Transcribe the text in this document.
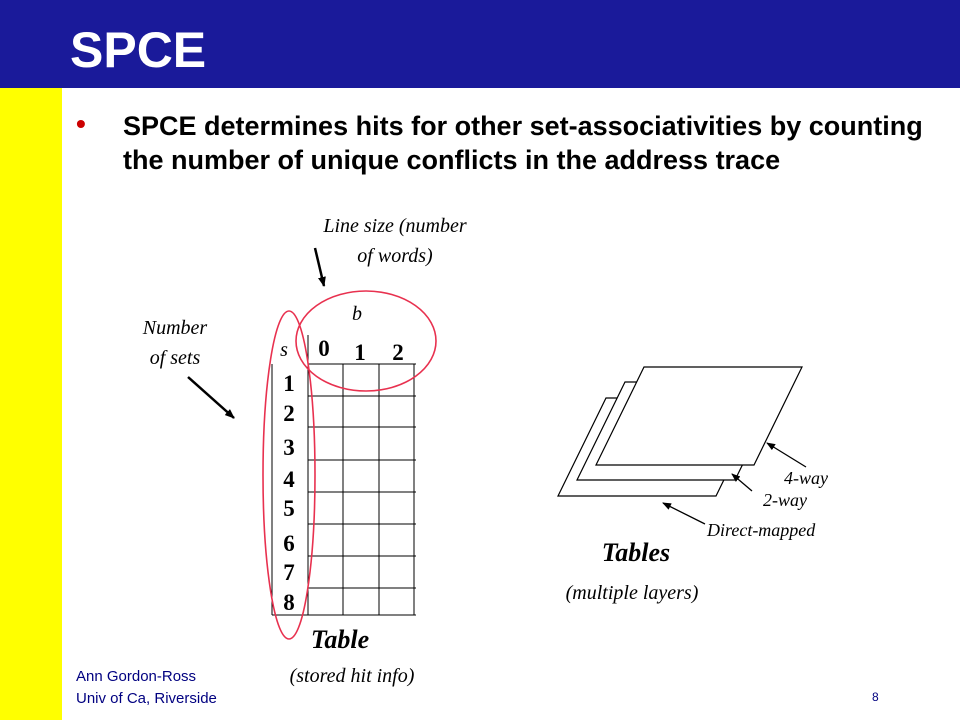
SPCE
• SPCE determines hits for other set-associativities by counting the number of unique conflicts in the address trace
Line size (number
of words)
Number
of sets
b
s 0 1 2
1
2
3
4
5
6
7
8
Table
(stored hit info)
4-way
2-way
Direct-mapped
Tables
(multiple layers)
Ann Gordon-Ross
Univ of Ca, Riverside	8
